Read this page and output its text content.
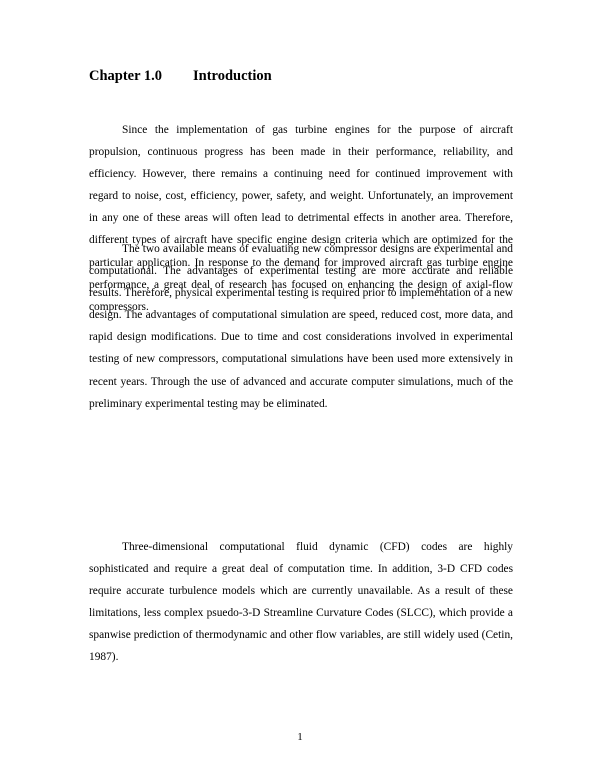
Chapter 1.0 Introduction

Since the implementation of gas turbine engines for the purpose of aircraft propulsion, continuous progress has been made in their performance, reliability, and efficiency. However, there remains a continuing need for continued improvement with regard to noise, cost, efficiency, power, safety, and weight. Unfortunately, an improvement in any one of these areas will often lead to detrimental effects in another area. Therefore, different types of aircraft have specific engine design criteria which are optimized for the particular application. In response to the demand for improved aircraft gas turbine engine performance, a great deal of research has focused on enhancing the design of axial-flow compressors.

The two available means of evaluating new compressor designs are experimental and computational. The advantages of experimental testing are more accurate and reliable results. Therefore, physical experimental testing is required prior to implementation of a new design. The advantages of computational simulation are speed, reduced cost, more data, and rapid design modifications. Due to time and cost considerations involved in experimental testing of new compressors, computational simulations have been used more extensively in recent years. Through the use of advanced and accurate computer simulations, much of the preliminary experimental testing may be eliminated.

Three-dimensional computational fluid dynamic (CFD) codes are highly sophisticated and require a great deal of computation time. In addition, 3-D CFD codes require accurate turbulence models which are currently unavailable. As a result of these limitations, less complex psuedo-3-D Streamline Curvature Codes (SLCC), which provide a spanwise prediction of thermodynamic and other flow variables, are still widely used (Cetin, 1987).

1
